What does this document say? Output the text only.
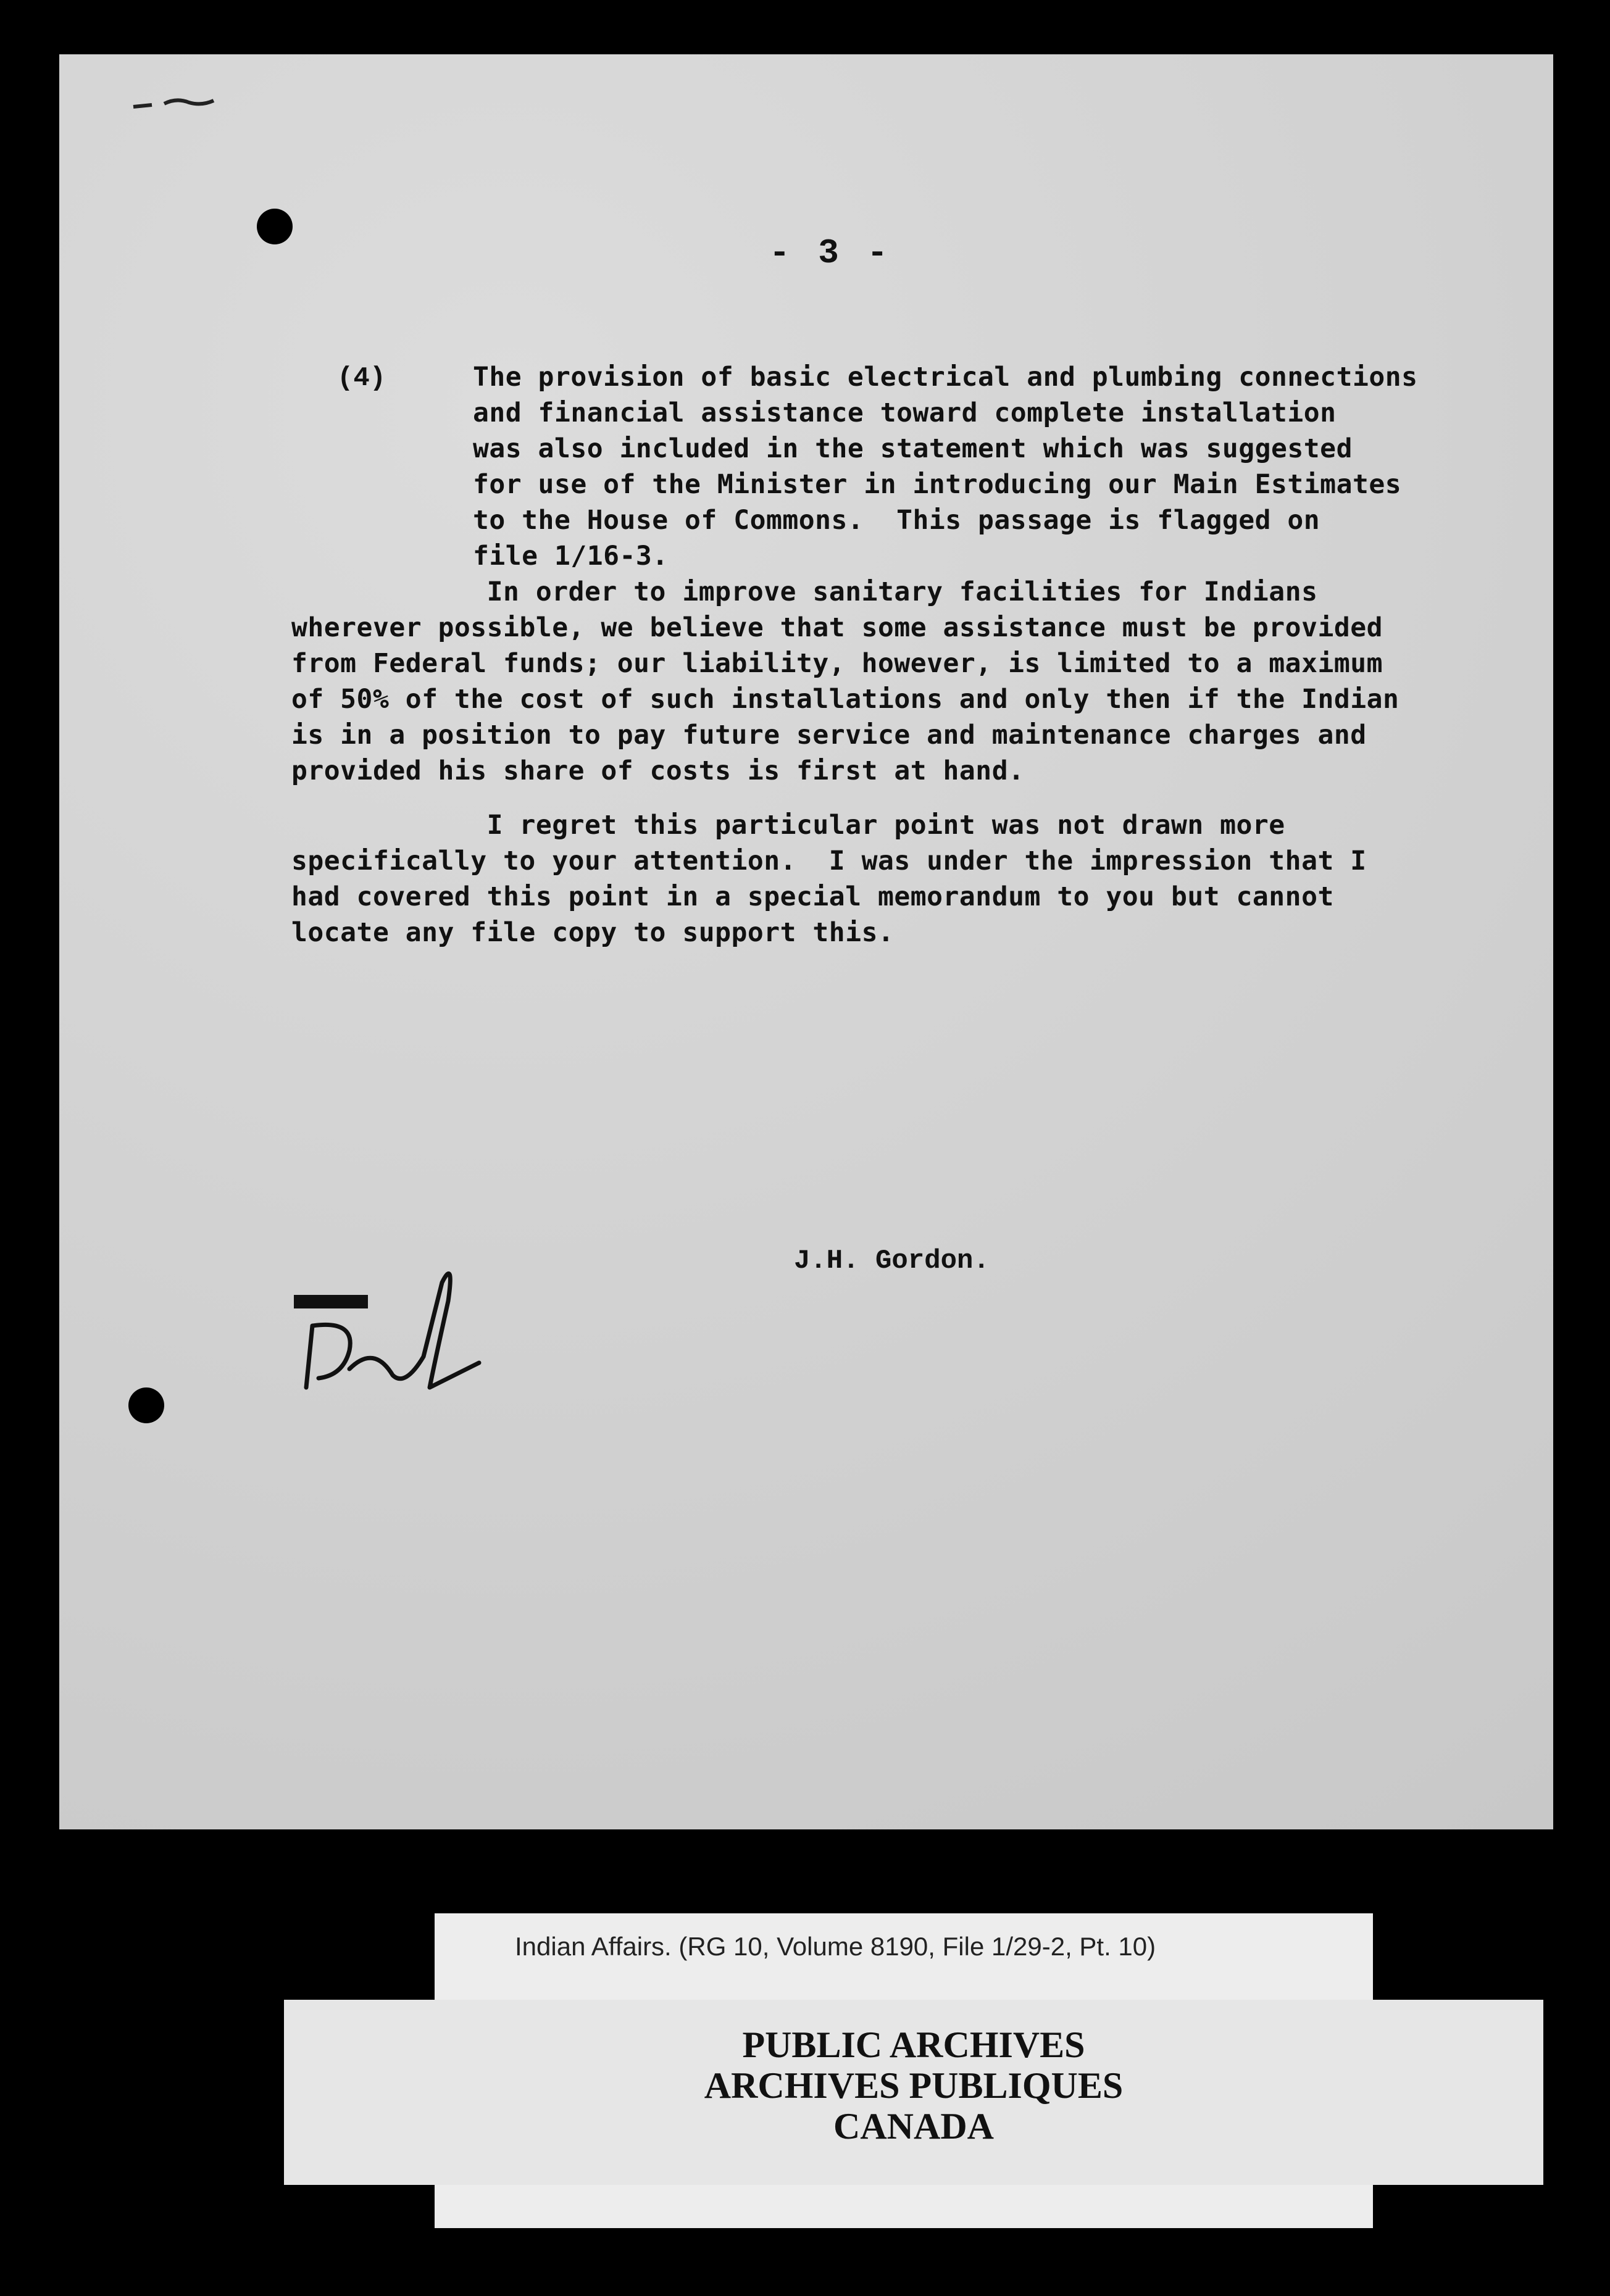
- 3 -
(4)	The provision of basic electrical and plumbing connections
and financial assistance toward complete installation
was also included in the statement which was suggested
for use of the Minister in introducing our Main Estimates
to the House of Commons.  This passage is flagged on
file 1/16-3.
In order to improve sanitary facilities for Indians
wherever possible, we believe that some assistance must be provided
from Federal funds; our liability, however, is limited to a maximum
of 50% of the cost of such installations and only then if the Indian
is in a position to pay future service and maintenance charges and
provided his share of costs is first at hand.
I regret this particular point was not drawn more
specifically to your attention.  I was under the impression that I
had covered this point in a special memorandum to you but cannot
locate any file copy to support this.
J.H. Gordon.
Indian Affairs. (RG 10, Volume 8190, File 1/29-2, Pt. 10)
PUBLIC ARCHIVES
ARCHIVES PUBLIQUES
CANADA
